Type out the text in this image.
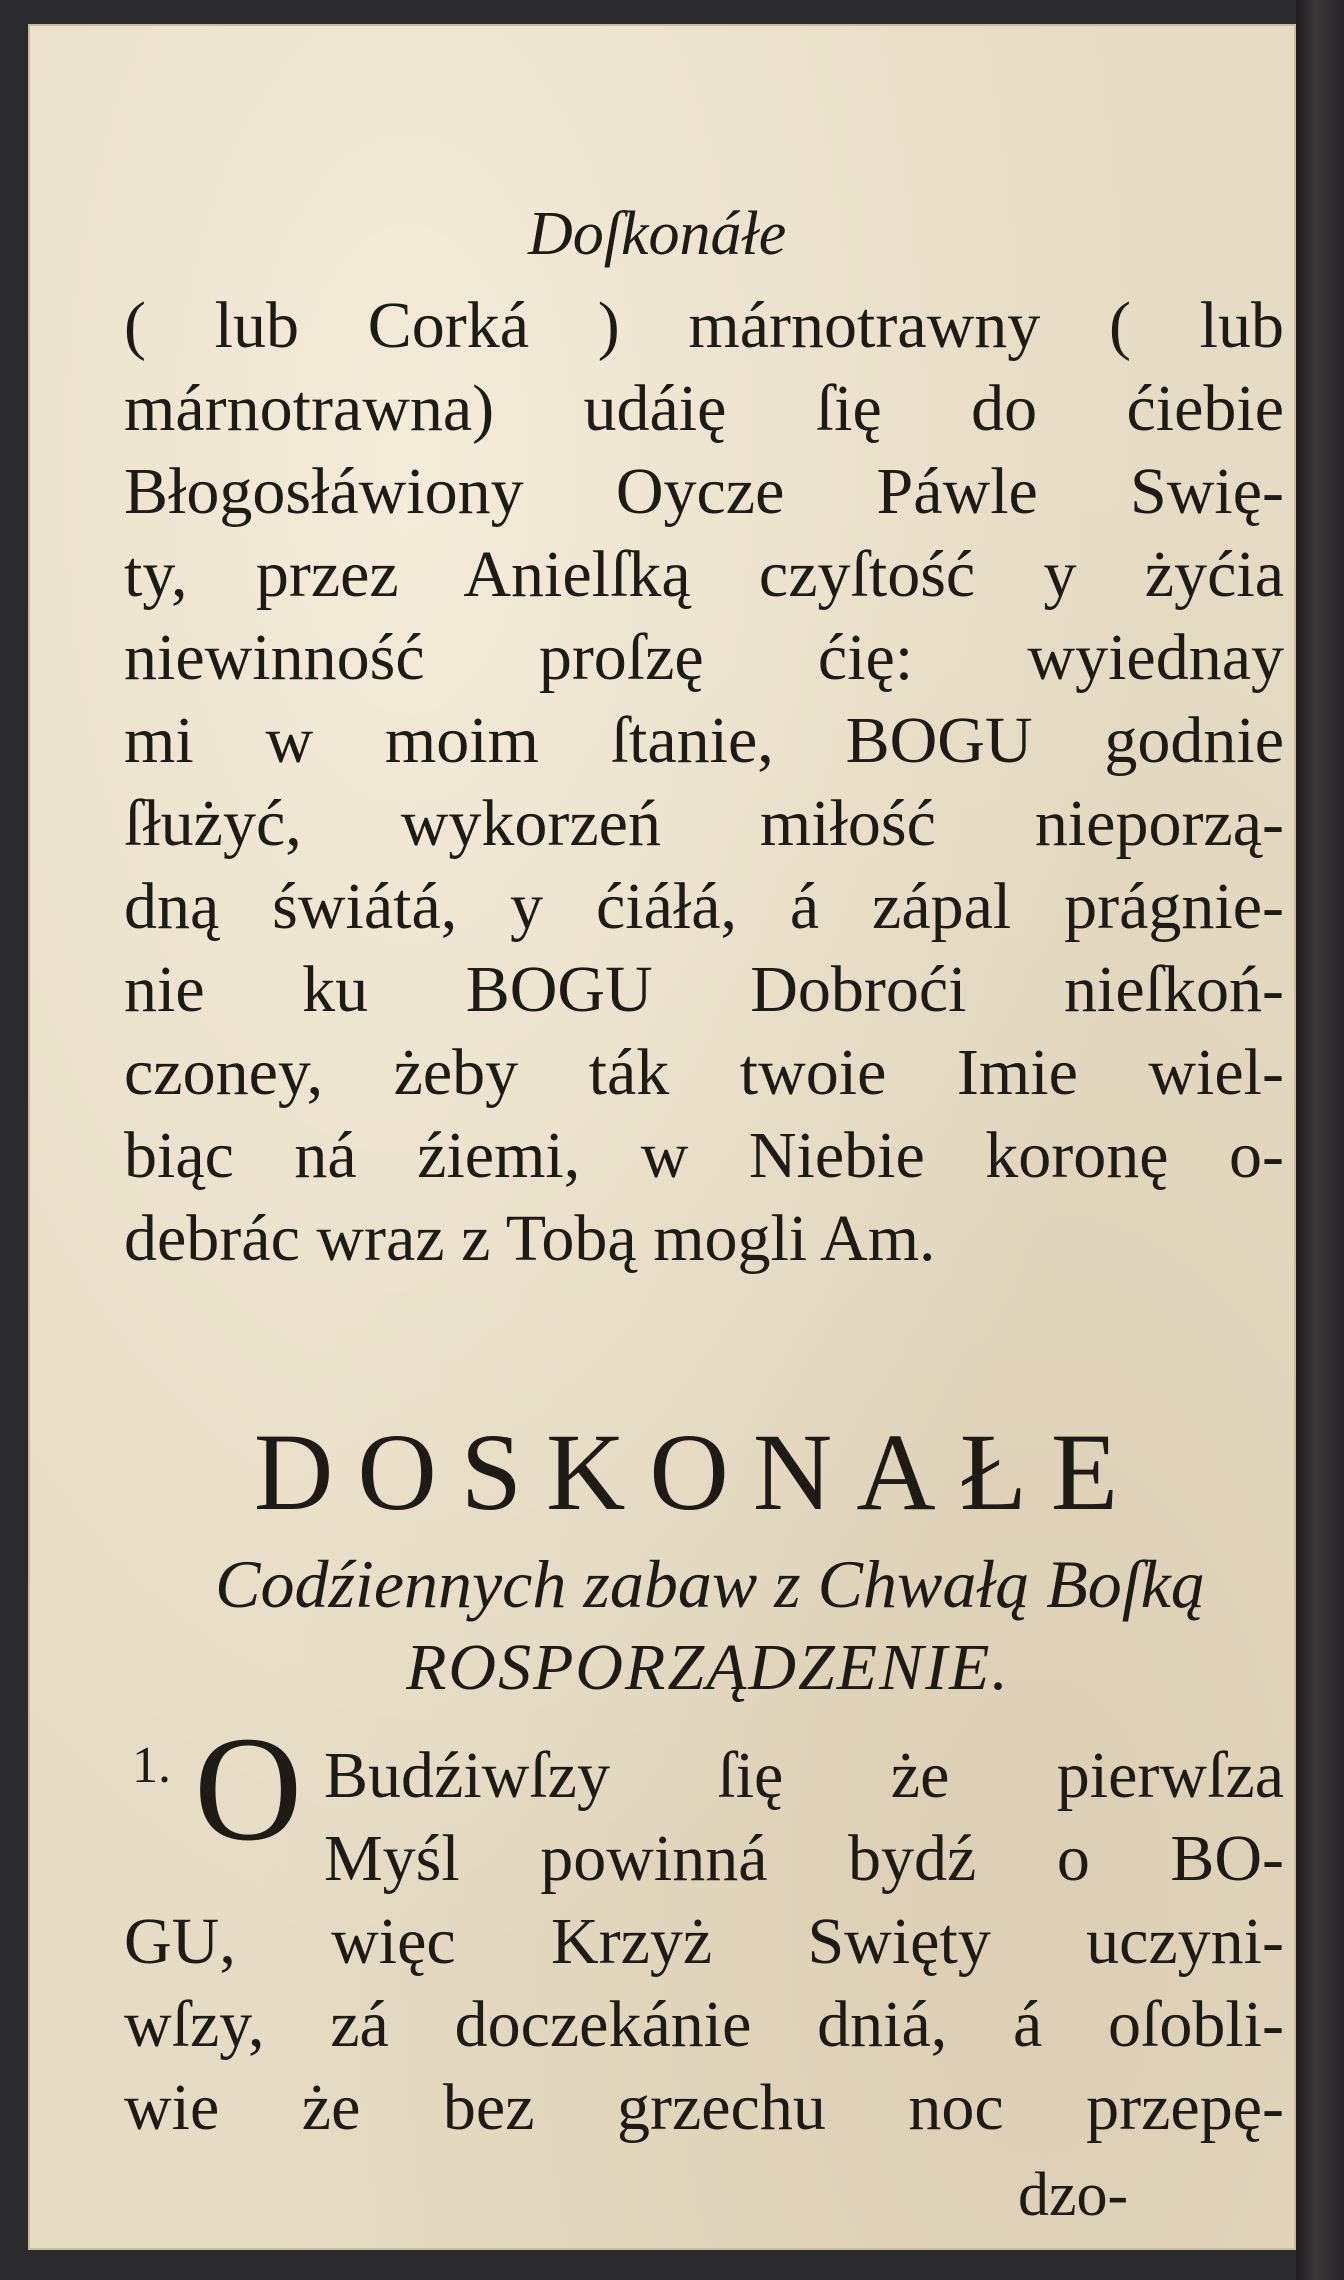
Doſkonáłe
( lub Corká ) márnotrawny ( lub
márnotrawna) udáię ſię do ćiebie
Błogosłáwiony Oycze Páwle Swię-
ty, przez Anielſką czyſtość y żyćia
niewinność proſzę ćię: wyiednay
mi w moim ſtanie, BOGU godnie
ſłużyć, wykorzeń miłość nieporzą-
dną świátá, y ćiáłá, á zápal prágnie-
nie ku BOGU Dobroći nieſkoń-
czoney, żeby ták twoie Imie wiel-
biąc ná źiemi, w Niebie koronę o-
debrác wraz z Tobą mogli Am.
DOSKONAŁE
Codźiennych zabaw z Chwałą Boſką
ROSPORZĄDZENIE.
1. O Budźiwſzy ſię że pierwſza
Myśl powinná bydź o BO-
GU, więc Krzyż Swięty uczyni-
wſzy, zá doczekánie dniá, á oſobli-
wie że bez grzechu noc przepę-
dzo-
